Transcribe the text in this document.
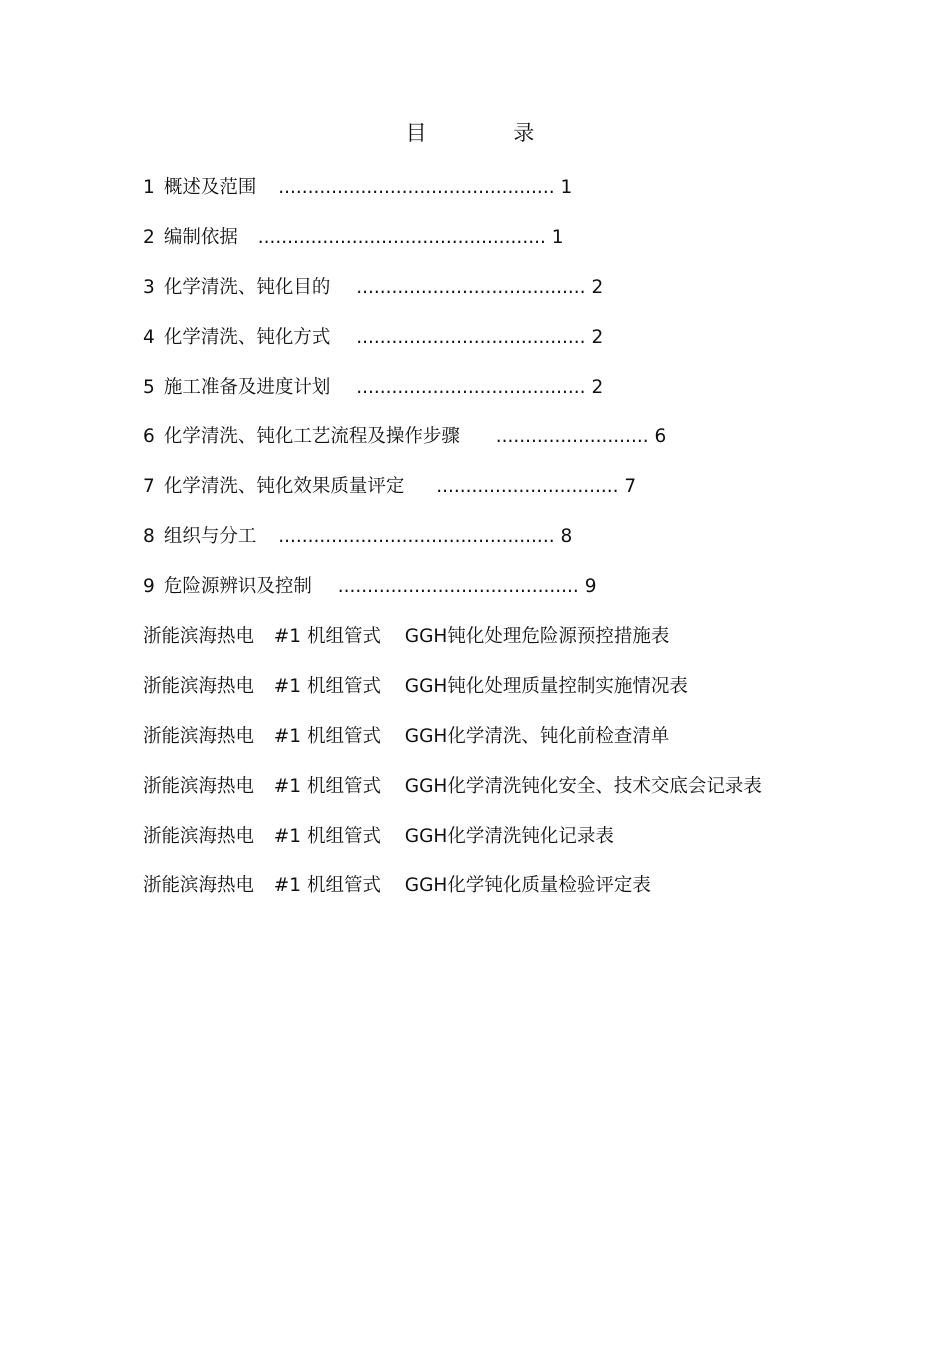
目 录
1 概述及范围 ............................................... 1
2 编制依据 ................................................. 1
3 化学清洗、钝化目的 ....................................... 2
4 化学清洗、钝化方式 ....................................... 2
5 施工准备及进度计划 ....................................... 2
6 化学清洗、钝化工艺流程及操作步骤 .......................... 6
7 化学清洗、钝化效果质量评定 ............................... 7
8 组织与分工 ............................................... 8
9 危险源辨识及控制 ......................................... 9
浙能滨海热电 #1 机组管式 GGH钝化处理危险源预控措施表
浙能滨海热电 #1 机组管式 GGH钝化处理质量控制实施情况表
浙能滨海热电 #1 机组管式 GGH化学清洗、钝化前检查清单
浙能滨海热电 #1 机组管式 GGH化学清洗钝化安全、技术交底会记录表
浙能滨海热电 #1 机组管式 GGH化学清洗钝化记录表
浙能滨海热电 #1 机组管式 GGH化学钝化质量检验评定表
